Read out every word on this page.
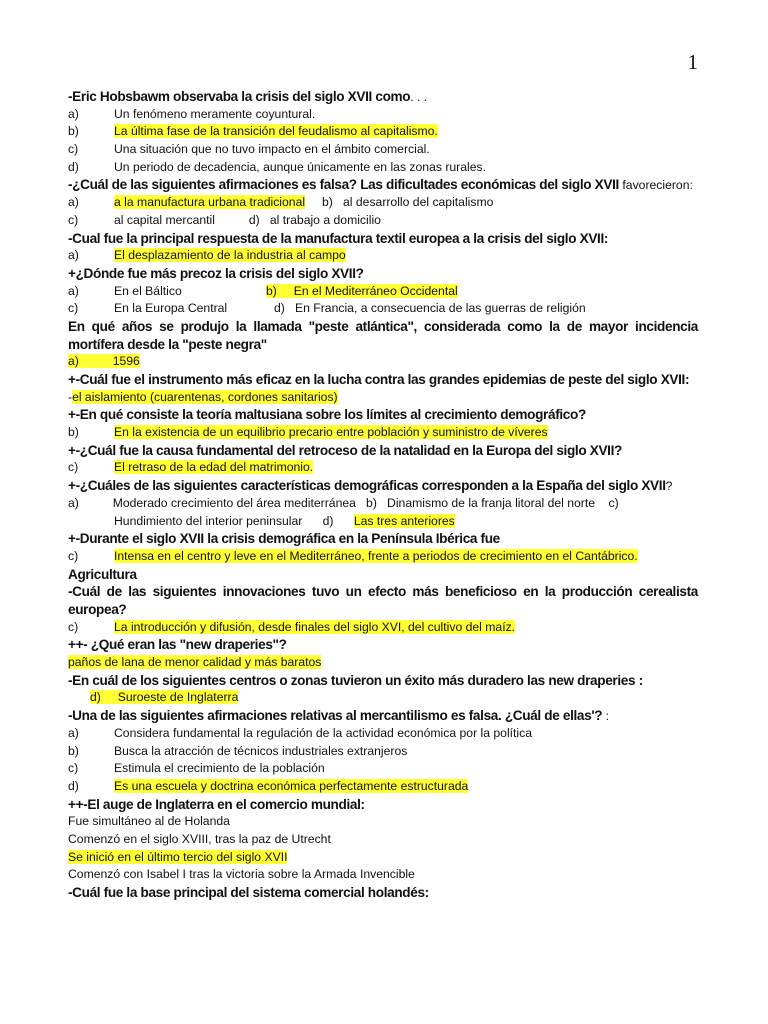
1
-Eric Hobsbawm observaba la crisis del siglo XVII como. . .
a)	Un fenómeno meramente coyuntural.
b)	La última fase de la transición del feudalismo al capitalismo.
c)	Una situación que no tuvo impacto en el ámbito comercial.
d)	Un periodo de decadencia, aunque únicamente en las zonas rurales.
-¿Cuál de las siguientes afirmaciones es falsa? Las dificultades económicas del siglo XVII favorecieron:
a)	a la manufactura urbana tradicional b) al desarrollo del capitalismo
c)	al capital mercantil	d) al trabajo a domicilio
-Cual fue la principal respuesta de la manufactura textil europea a la crisis del siglo XVII:
a)	El desplazamiento de la industria al campo
+¿Dónde fue más precoz la crisis del siglo XVII?
a)	En el Báltico	b)     En el Mediterráneo Occidental
c)	En la Europa Central	d) En Francia, a consecuencia de las guerras de religión
En qué años se produjo la llamada "peste atlántica", considerada como la de mayor incidencia mortífera desde la "peste negra"
a)          1596
+-Cuál fue el instrumento más eficaz en la lucha contra las grandes epidemias de peste del siglo XVII:
-el aislamiento (cuarentenas, cordones sanitarios)
+-En qué consiste la teoría maltusiana sobre los límites al crecimiento demográfico?
b)	En la existencia de un equilibrio precario entre población y suministro de víveres
+-¿Cuál fue la causa fundamental del retroceso de la natalidad en la Europa del siglo XVII?
c)	El retraso de la edad del matrimonio.
+-¿Cuáles de las siguientes características demográficas corresponden a la España del siglo XVII?
a)          Moderado crecimiento del área mediterránea   b)   Dinamismo de la franja litoral del norte    c)
Hundimiento del interior peninsular      d) Las tres anteriores
+-Durante el siglo XVII la crisis demográfica en la Península Ibérica fue
c)	Intensa en el centro y leve en el Mediterráneo, frente a periodos de crecimiento en el Cantábrico.
Agricultura
-Cuál de las siguientes innovaciones tuvo un efecto más beneficioso en la producción cerealista europea?
c)	La introducción y difusión, desde finales del siglo XVI, del cultivo del maíz.
++- ¿Qué eran las "new draperies"?
paños de lana de menor calidad y más baratos
-En cuál de los siguientes centros o zonas tuvieron un éxito más duradero las new draperies :
d)     Suroeste de Inglaterra
-Una de las siguientes afirmaciones relativas al mercantilismo es falsa. ¿Cuál de ellas'? :
a)	Considera fundamental la regulación de la actividad económica por la política
b)	Busca la atracción de técnicos industriales extranjeros
c)	Estimula el crecimiento de la población
d)	Es una escuela y doctrina económica perfectamente estructurada
++-El auge de Inglaterra en el comercio mundial:
Fue simultáneo al de Holanda
Comenzó en el siglo XVIII, tras la paz de Utrecht
Se inició en el último tercio del siglo XVII
Comenzó con Isabel I tras la victoria sobre la Armada Invencible
-Cuál fue la base principal del sistema comercial holandés:
